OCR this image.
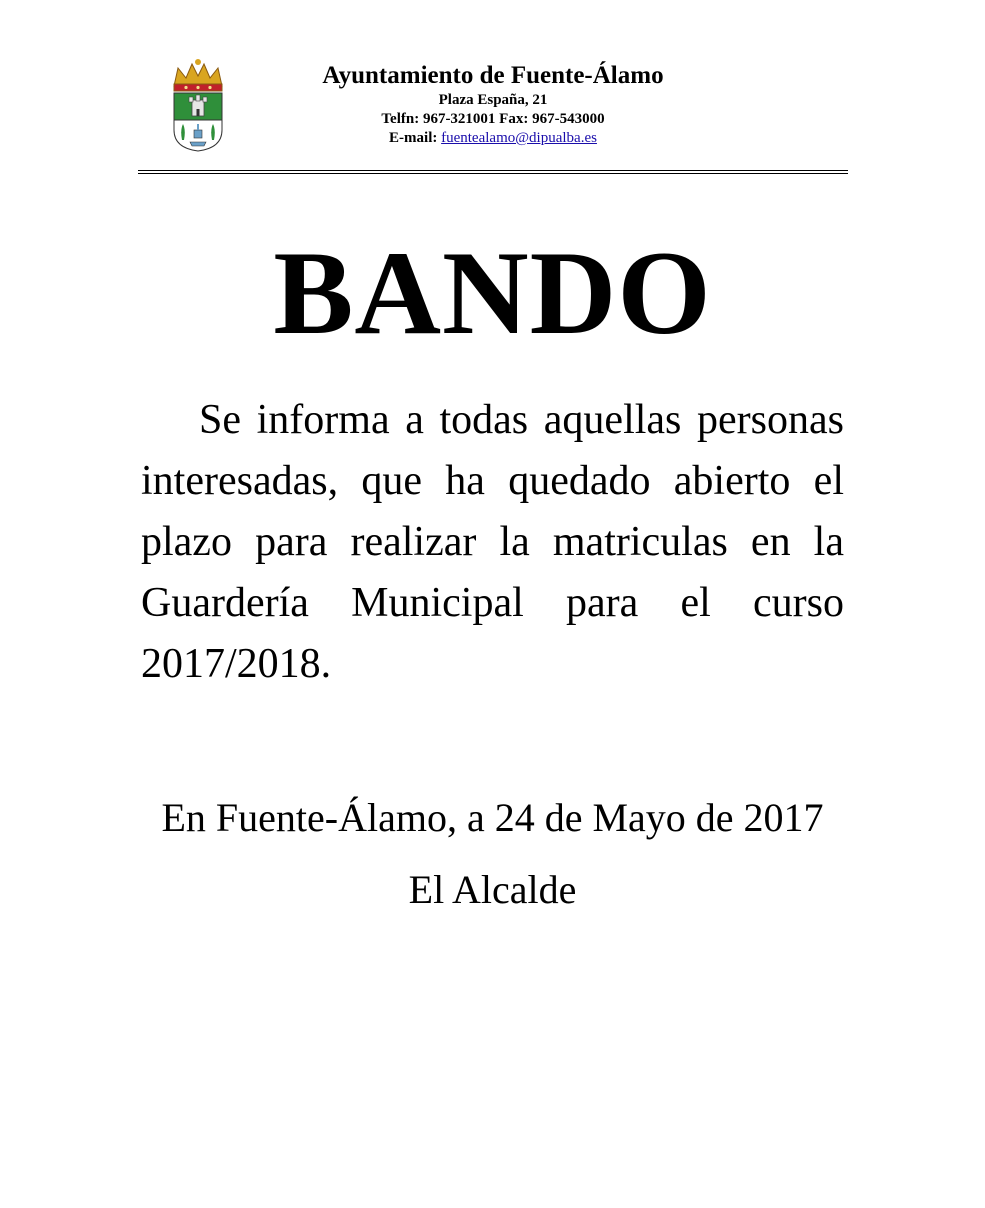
Ayuntamiento de Fuente-Álamo
Plaza España, 21
Telfn: 967-321001 Fax: 967-543000
E-mail: fuentealamo@dipualba.es
BANDO

Se informa a todas aquellas personas interesadas, que ha quedado abierto el plazo para realizar la matriculas en la Guardería Municipal para el curso 2017/2018.

En Fuente-Álamo, a 24 de Mayo de 2017
El Alcalde
